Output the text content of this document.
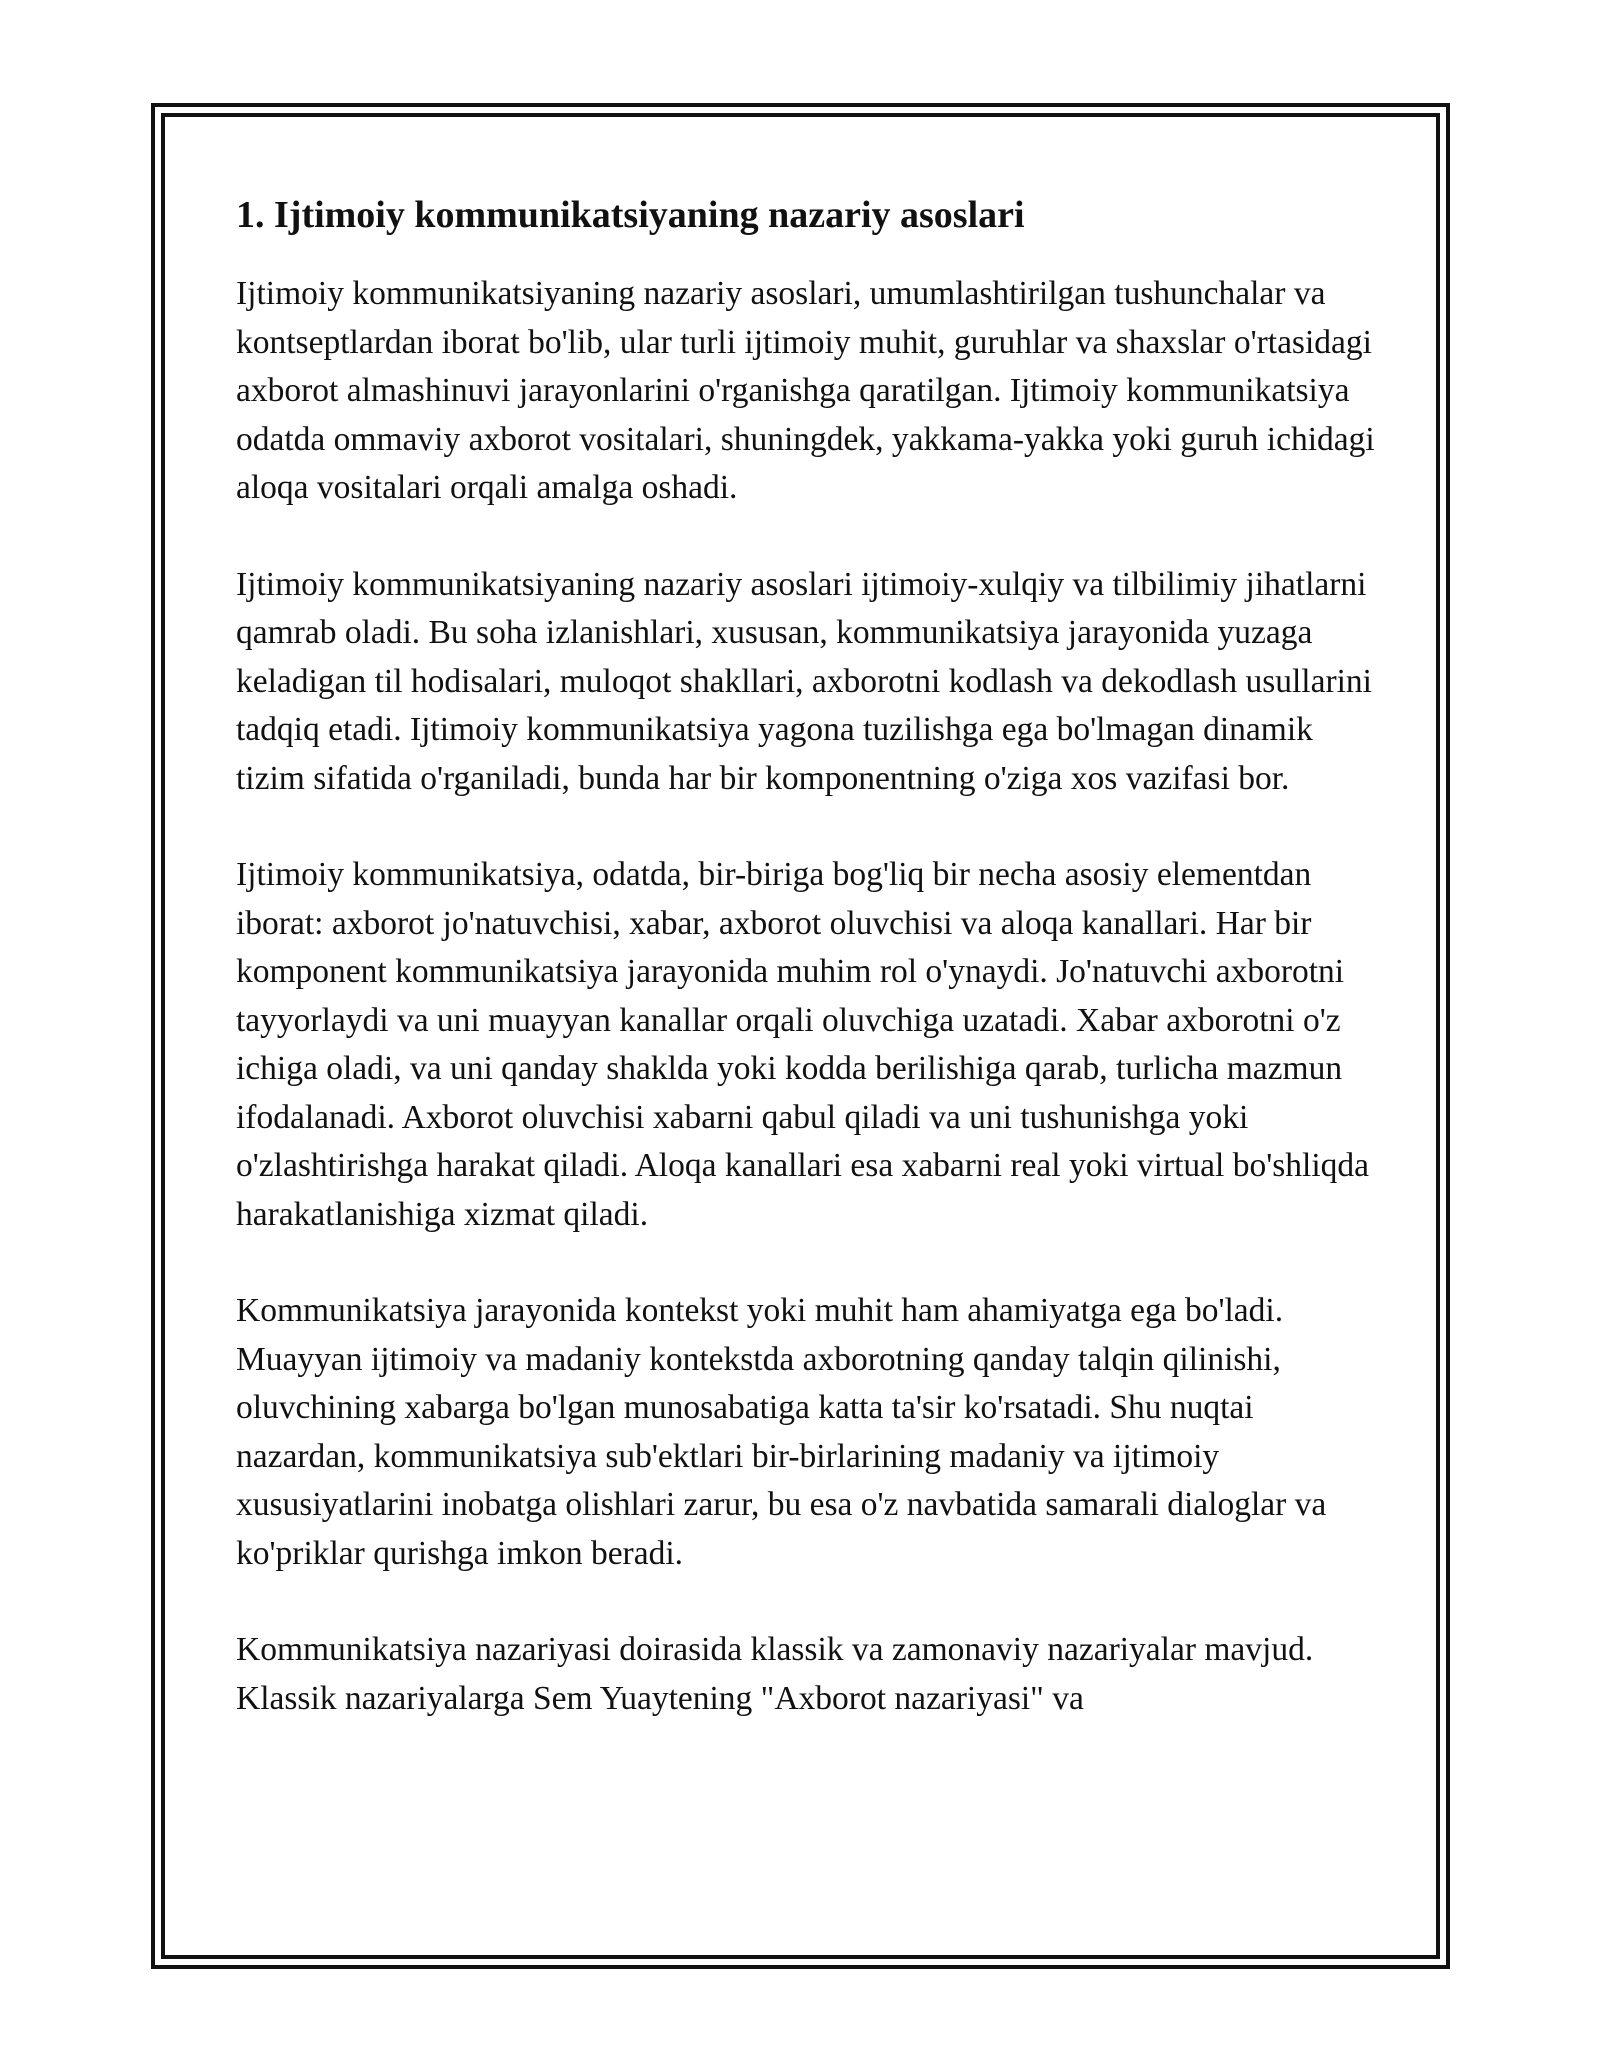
1. Ijtimoiy kommunikatsiyaning nazariy asoslari

Ijtimoiy kommunikatsiyaning nazariy asoslari, umumlashtirilgan tushunchalar va kontseptlardan iborat bo'lib, ular turli ijtimoiy muhit, guruhlar va shaxslar o'rtasidagi axborot almashinuvi jarayonlarini o'rganishga qaratilgan. Ijtimoiy kommunikatsiya odatda ommaviy axborot vositalari, shuningdek, yakkama-yakka yoki guruh ichidagi aloqa vositalari orqali amalga oshadi.

Ijtimoiy kommunikatsiyaning nazariy asoslari ijtimoiy-xulqiy va tilbilimiy jihatlarni qamrab oladi. Bu soha izlanishlari, xususan, kommunikatsiya jarayonida yuzaga keladigan til hodisalari, muloqot shakllari, axborotni kodlash va dekodlash usullarini tadqiq etadi. Ijtimoiy kommunikatsiya yagona tuzilishga ega bo'lmagan dinamik tizim sifatida o'rganiladi, bunda har bir komponentning o'ziga xos vazifasi bor.

Ijtimoiy kommunikatsiya, odatda, bir-biriga bog'liq bir necha asosiy elementdan iborat: axborot jo'natuvchisi, xabar, axborot oluvchisi va aloqa kanallari. Har bir komponent kommunikatsiya jarayonida muhim rol o'ynaydi. Jo'natuvchi axborotni tayyorlaydi va uni muayyan kanallar orqali oluvchiga uzatadi. Xabar axborotni o'z ichiga oladi, va uni qanday shaklda yoki kodda berilishiga qarab, turlicha mazmun ifodalanadi. Axborot oluvchisi xabarni qabul qiladi va uni tushunishga yoki o'zlashtirishga harakat qiladi. Aloqa kanallari esa xabarni real yoki virtual bo'shliqda harakatlanishiga xizmat qiladi.

Kommunikatsiya jarayonida kontekst yoki muhit ham ahamiyatga ega bo'ladi. Muayyan ijtimoiy va madaniy kontekstda axborotning qanday talqin qilinishi, oluvchining xabarga bo'lgan munosabatiga katta ta'sir ko'rsatadi. Shu nuqtai nazardan, kommunikatsiya sub'ektlari bir-birlarining madaniy va ijtimoiy xususiyatlarini inobatga olishlari zarur, bu esa o'z navbatida samarali dialoglar va ko'priklar qurishga imkon beradi.

Kommunikatsiya nazariyasi doirasida klassik va zamonaviy nazariyalar mavjud. Klassik nazariyalarga Sem Yuaytening "Axborot nazariyasi" va
